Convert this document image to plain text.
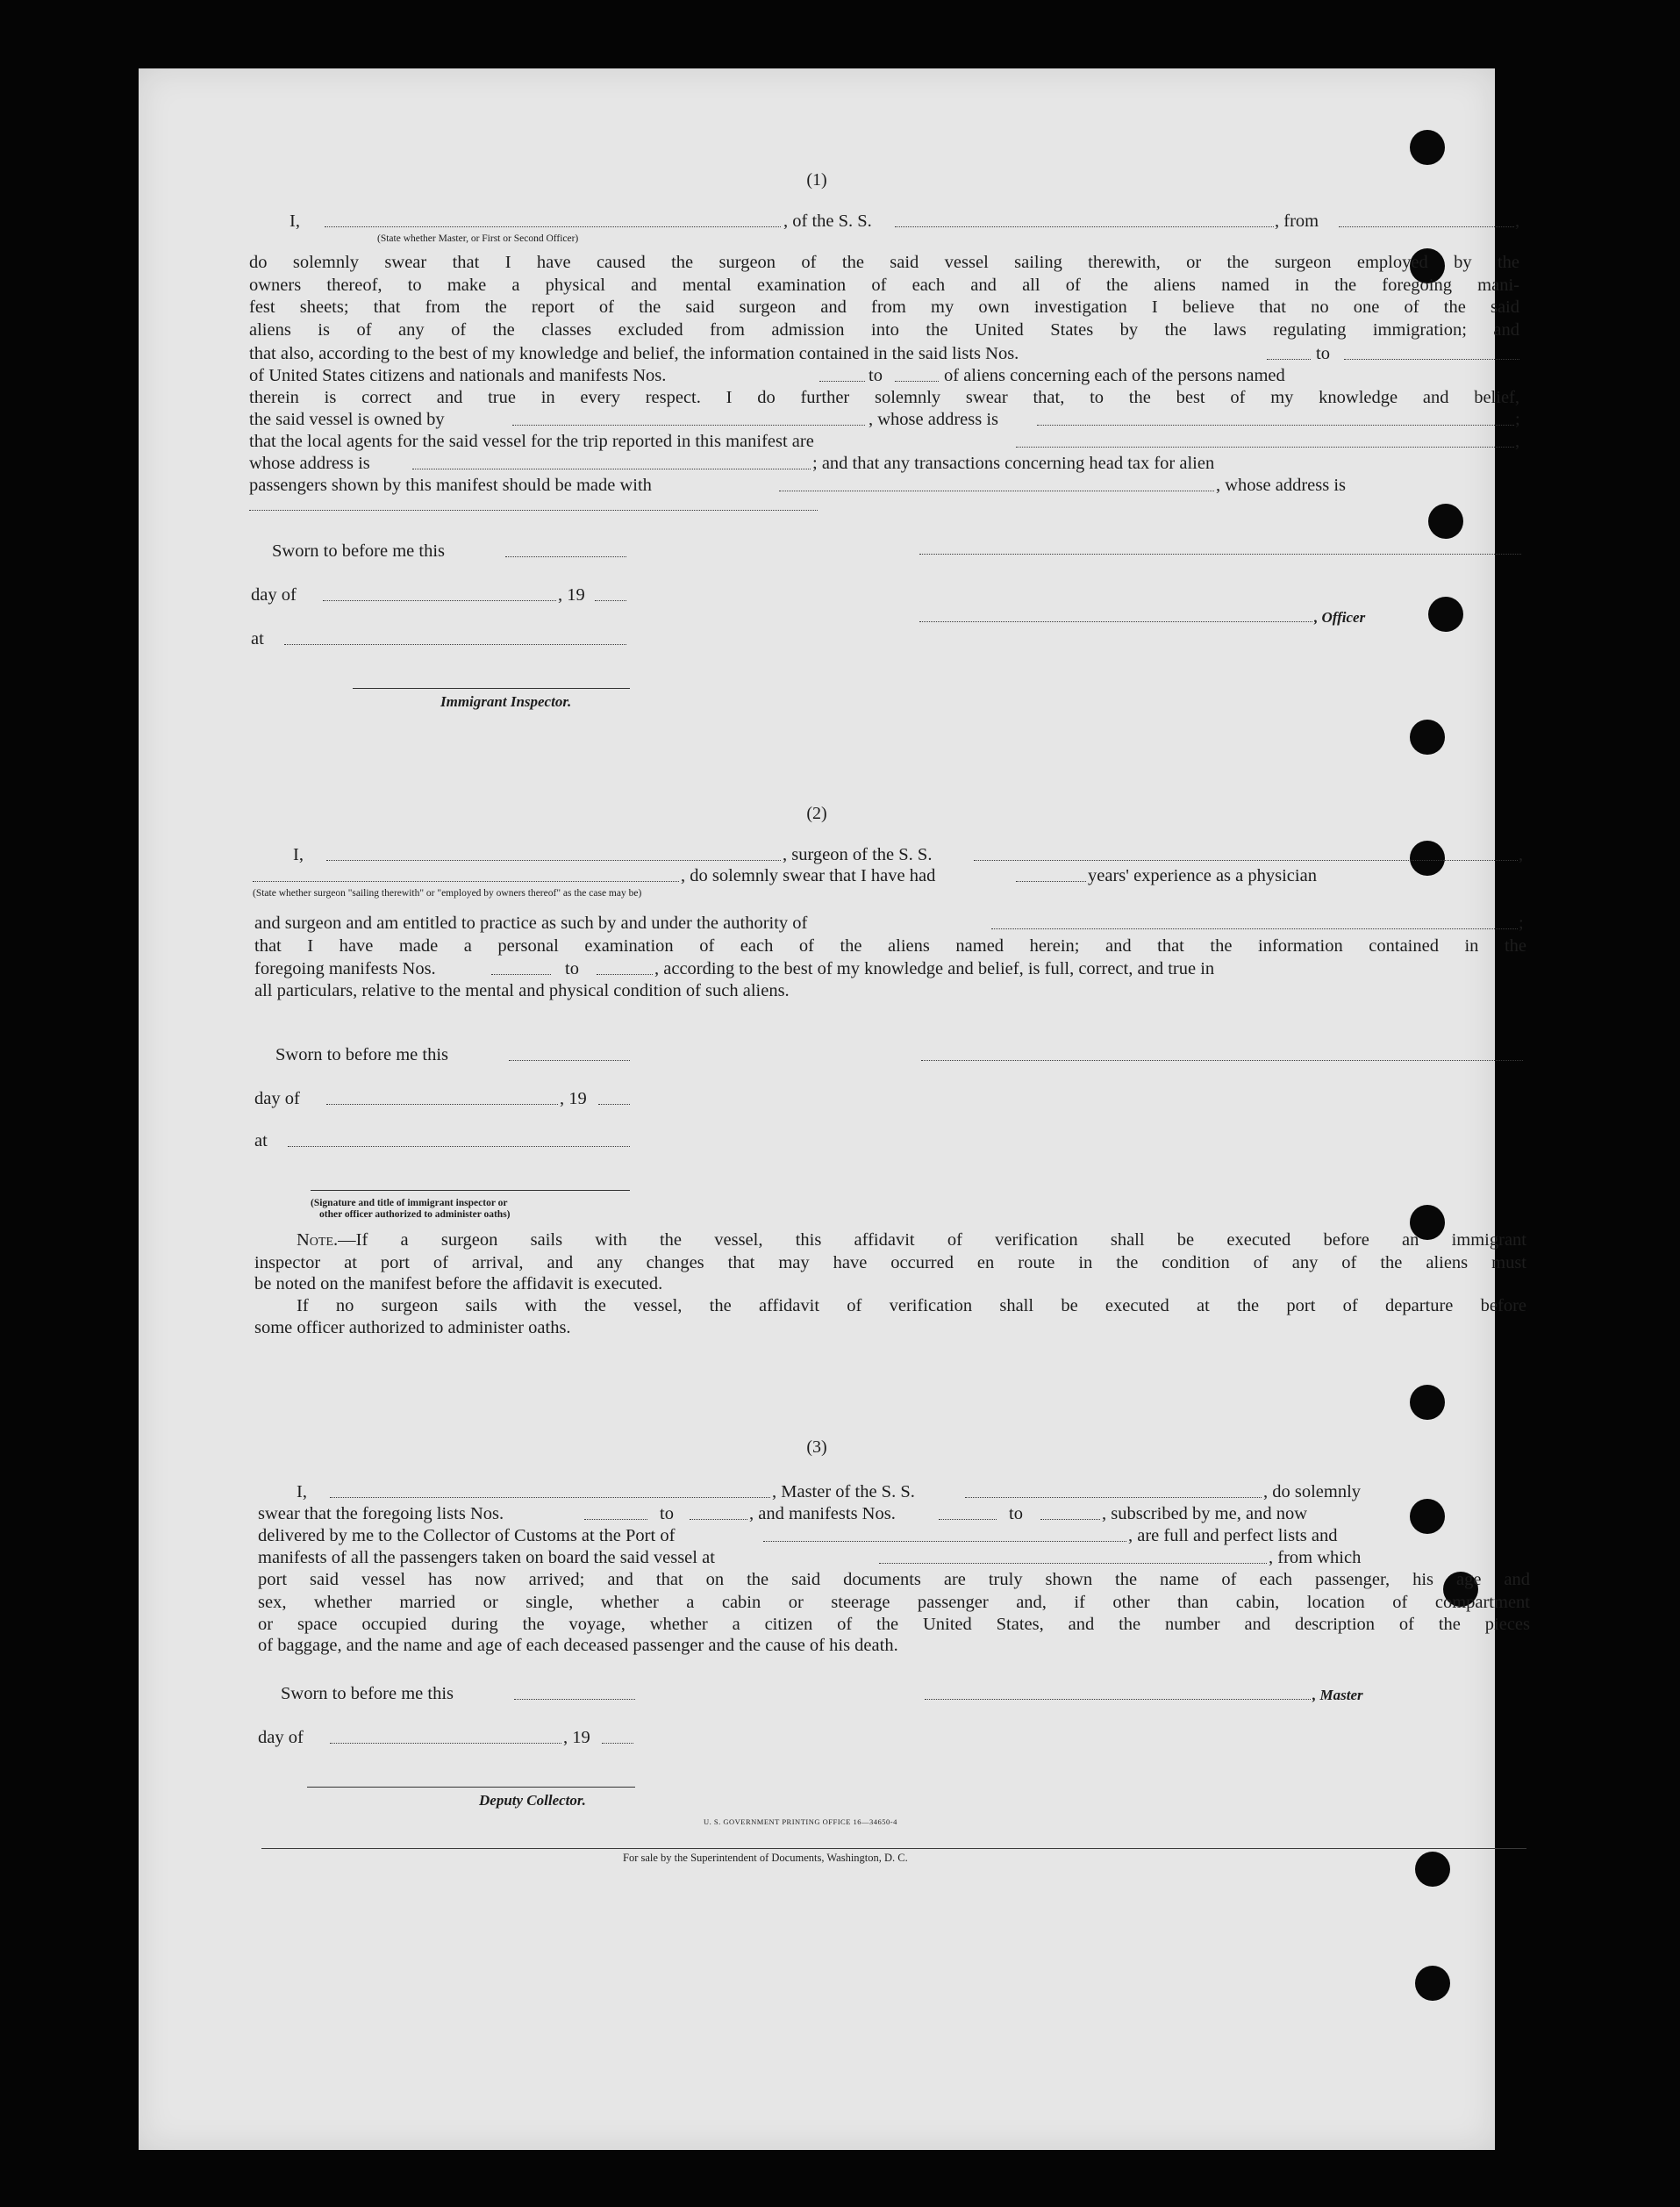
(1)
I,	, of the S. S.	, from	,
(State whether Master, or First or Second Officer)
do solemnly swear that I have caused the surgeon of the said vessel sailing therewith, or the surgeon employed by the
owners thereof, to make a physical and mental examination of each and all of the aliens named in the foregoing mani-
fest sheets; that from the report of the said surgeon and from my own investigation I believe that no one of the said
aliens is of any of the classes excluded from admission into the United States by the laws regulating immigration; and
that also, according to the best of my knowledge and belief, the information contained in the said lists Nos.	to
of United States citizens and nationals and manifests Nos.	to	of aliens concerning each of the persons named
therein is correct and true in every respect. I do further solemnly swear that, to the best of my knowledge and belief,
the said vessel is owned by	, whose address is	;
that the local agents for the said vessel for the trip reported in this manifest are	,
whose address is	; and that any transactions concerning head tax for alien
passengers shown by this manifest should be made with	, whose address is
Sworn to before me this
day of	, 19
, Officer
at
Immigrant Inspector.
(2)
I,	, surgeon of the S. S.	,
, do solemnly swear that I have had	years' experience as a physician
(State whether surgeon "sailing therewith" or "employed by owners thereof" as the case may be)
and surgeon and am entitled to practice as such by and under the authority of	;
that I have made a personal examination of each of the aliens named herein; and that the information contained in the
foregoing manifests Nos.	to	, according to the best of my knowledge and belief, is full, correct, and true in
all particulars, relative to the mental and physical condition of such aliens.
Sworn to before me this
day of	, 19
at
(Signature and title of immigrant inspector or
other officer authorized to administer oaths)
Note.—If a surgeon sails with the vessel, this affidavit of verification shall be executed before an immigrant
inspector at port of arrival, and any changes that may have occurred en route in the condition of any of the aliens must
be noted on the manifest before the affidavit is executed.
If no surgeon sails with the vessel, the affidavit of verification shall be executed at the port of departure before
some officer authorized to administer oaths.
(3)
I,	, Master of the S. S.	, do solemnly
swear that the foregoing lists Nos.	to	, and manifests Nos.	to	, subscribed by me, and now
delivered by me to the Collector of Customs at the Port of	, are full and perfect lists and
manifests of all the passengers taken on board the said vessel at	, from which
port said vessel has now arrived; and that on the said documents are truly shown the name of each passenger, his age and
sex, whether married or single, whether a cabin or steerage passenger and, if other than cabin, location of compartment
or space occupied during the voyage, whether a citizen of the United States, and the number and description of the pieces
of baggage, and the name and age of each deceased passenger and the cause of his death.
Sworn to before me this	, Master
day of	, 19
Deputy Collector.
U. S. GOVERNMENT PRINTING OFFICE 16—34650-4
For sale by the Superintendent of Documents, Washington, D. C.
